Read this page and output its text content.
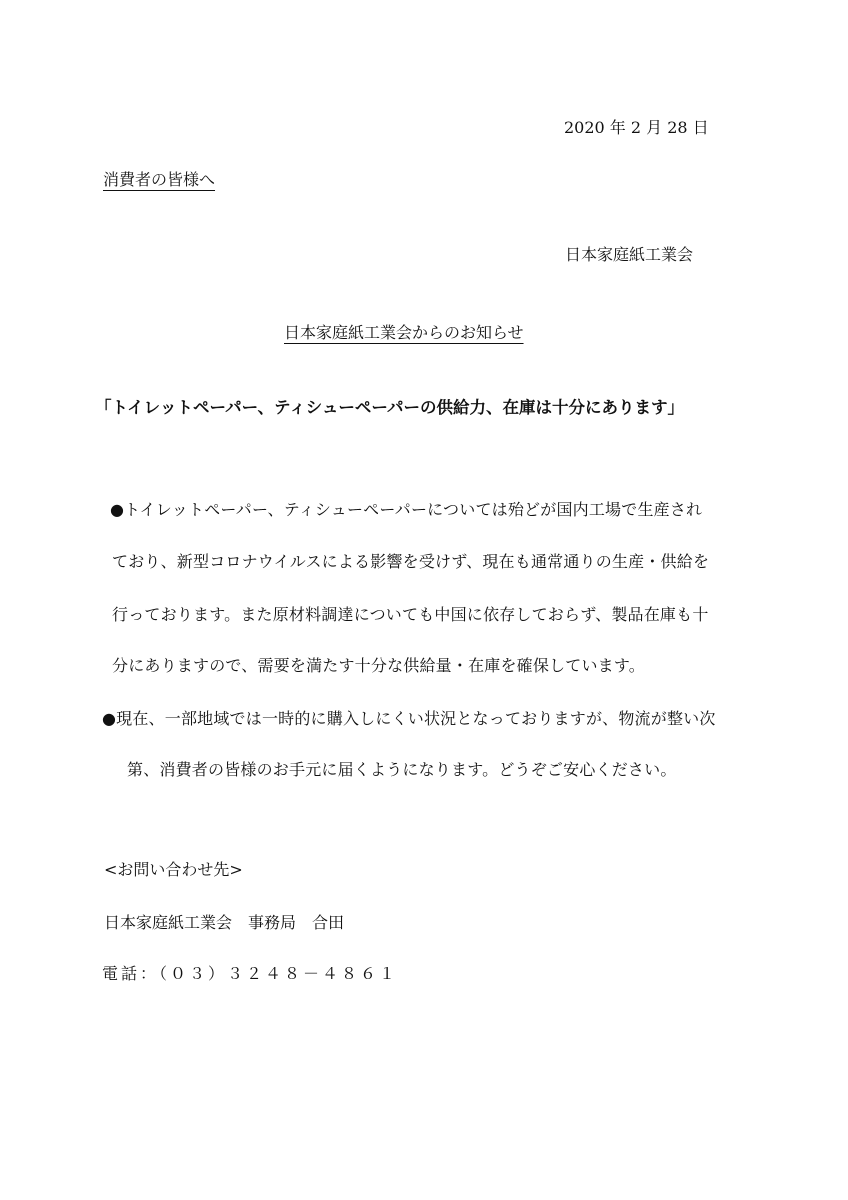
2020 年 2 月 28 日
消費者の皆様へ
日本家庭紙工業会
日本家庭紙工業会からのお知らせ
「トイレットペーパー、ティシューペーパーの供給力、在庫は十分にあります」
●トイレットペーパー、ティシューペーパーについては殆どが国内工場で生産され
ており、新型コロナウイルスによる影響を受けず、現在も通常通りの生産・供給を
行っております。また原材料調達についても中国に依存しておらず、製品在庫も十
分にありますので、需要を満たす十分な供給量・在庫を確保しています。
●現在、一部地域では一時的に購入しにくい状況となっておりますが、物流が整い次
第、消費者の皆様のお手元に届くようになります。どうぞご安心ください。
<お問い合わせ先>
日本家庭紙工業会　事務局　合田
電話：（０３）３２４８－４８６１
